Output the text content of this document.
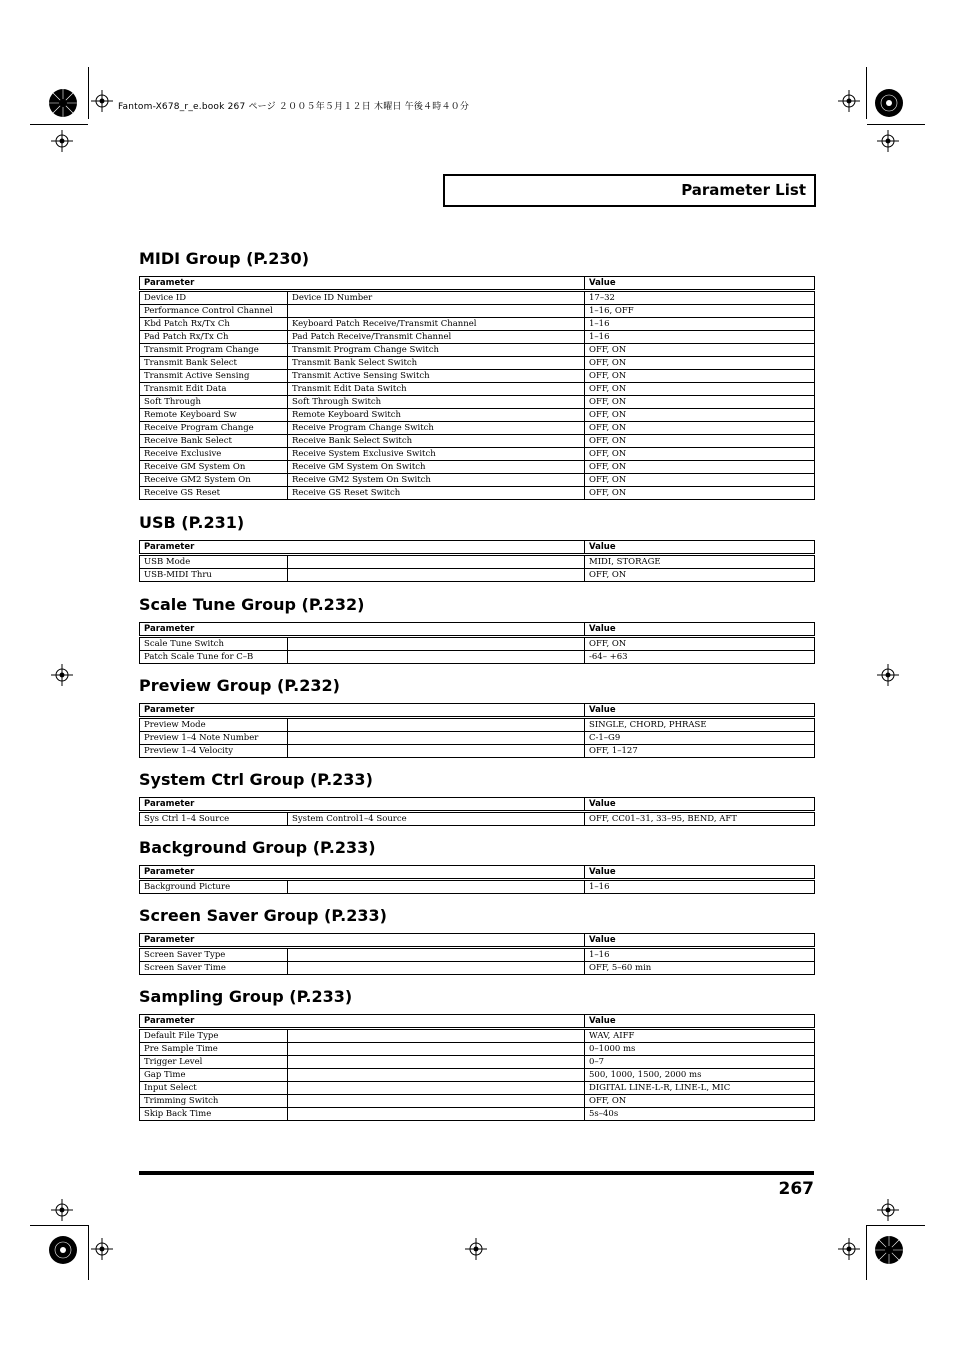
Fantom-X678_r_e.book 267 ページ ２００５年５月１２日 木曜日 午後４時４０分
Parameter List
MIDI Group (P.230)
Parameter		Value
Device ID	Device ID Number	17–32
Performance Control Channel		1–16, OFF
Kbd Patch Rx/Tx Ch	Keyboard Patch Receive/Transmit Channel	1–16
Pad Patch Rx/Tx Ch	Pad Patch Receive/Transmit Channel	1–16
Transmit Program Change	Transmit Program Change Switch	OFF, ON
Transmit Bank Select	Transmit Bank Select Switch	OFF, ON
Transmit Active Sensing	Transmit Active Sensing Switch	OFF, ON
Transmit Edit Data	Transmit Edit Data Switch	OFF, ON
Soft Through	Soft Through Switch	OFF, ON
Remote Keyboard Sw	Remote Keyboard Switch	OFF, ON
Receive Program Change	Receive Program Change Switch	OFF, ON
Receive Bank Select	Receive Bank Select Switch	OFF, ON
Receive Exclusive	Receive System Exclusive Switch	OFF, ON
Receive GM System On	Receive GM System On Switch	OFF, ON
Receive GM2 System On	Receive GM2 System On Switch	OFF, ON
Receive GS Reset	Receive GS Reset Switch	OFF, ON
USB (P.231)
Parameter		Value
USB Mode		MIDI, STORAGE
USB-MIDI Thru		OFF, ON
Scale Tune Group (P.232)
Parameter		Value
Scale Tune Switch		OFF, ON
Patch Scale Tune for C–B		-64– +63
Preview Group (P.232)
Parameter		Value
Preview Mode		SINGLE, CHORD, PHRASE
Preview 1–4 Note Number		C-1–G9
Preview 1–4 Velocity		OFF, 1–127
System Ctrl Group (P.233)
Parameter		Value
Sys Ctrl 1–4 Source	System Control1–4 Source	OFF, CC01–31, 33–95, BEND, AFT
Background Group (P.233)
Parameter		Value
Background Picture		1–16
Screen Saver Group (P.233)
Parameter		Value
Screen Saver Type		1–16
Screen Saver Time		OFF, 5–60 min
Sampling Group (P.233)
Parameter		Value
Default File Type		WAV, AIFF
Pre Sample Time		0–1000 ms
Trigger Level		0–7
Gap Time		500, 1000, 1500, 2000 ms
Input Select		DIGITAL LINE-L-R, LINE-L, MIC
Trimming Switch		OFF, ON
Skip Back Time		5s–40s
267
